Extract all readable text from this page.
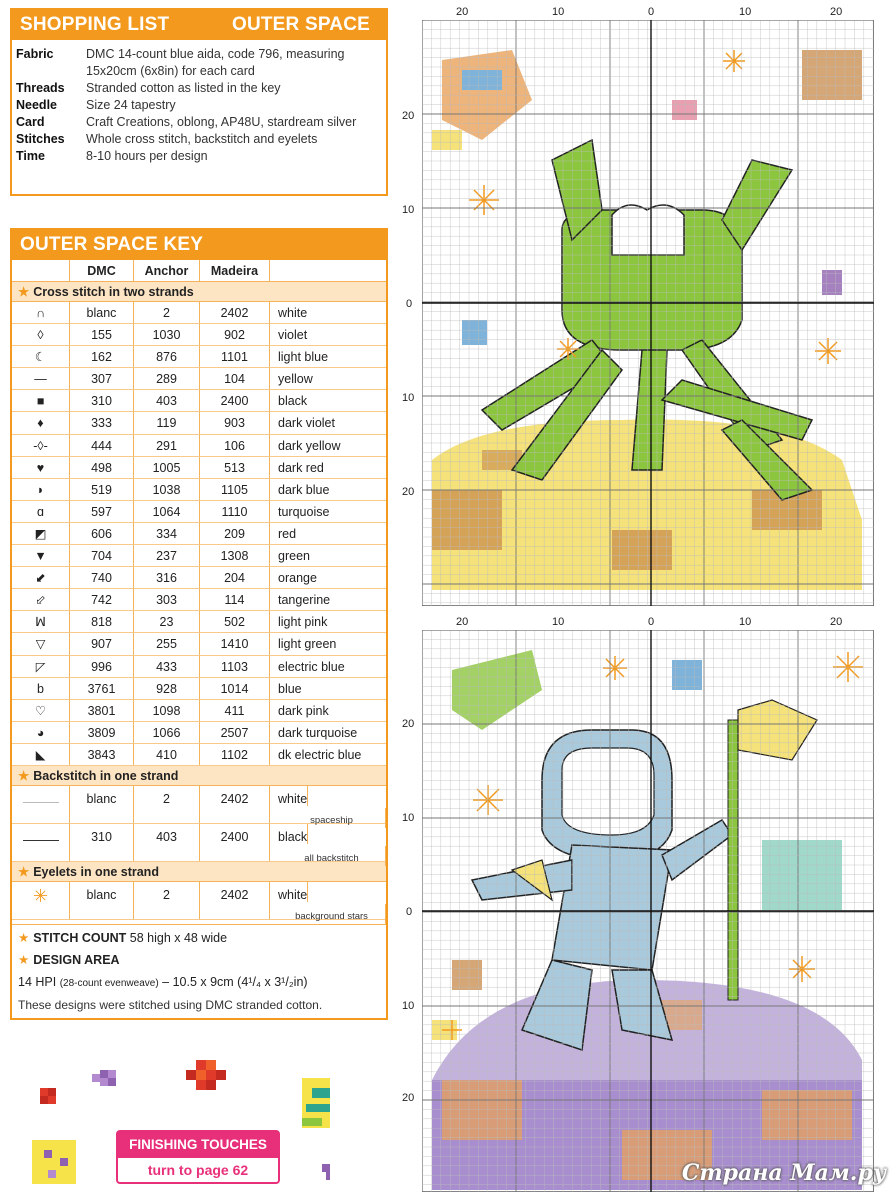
SHOPPING LIST	OUTER SPACE
Fabric	DMC 14-count blue aida, code 796, measuring 15x20cm (6x8in) for each card
Threads	Stranded cotton as listed in the key
Needle	Size 24 tapestry
Card	Craft Creations, oblong, AP48U, stardream silver
Stitches	Whole cross stitch, backstitch and eyelets
Time	8-10 hours per design
OUTER SPACE KEY
DMC	Anchor	Madeira
★ Cross stitch in two strands
∩	blanc	2	2402	white
◊	155	1030	902	violet
☾	162	876	1101	light blue
—	307	289	104	yellow
■	310	403	2400	black
♦	333	119	903	dark violet
-◊-	444	291	106	dark yellow
♥	498	1005	513	dark red
◗	519	1038	1105	dark blue
ɑ	597	1064	1110	turquoise
◩	606	334	209	red
▼	704	237	1308	green
⬋	740	316	204	orange
⬃	742	303	114	tangerine
ꟽ	818	23	502	light pink
▽	907	255	1410	light green
◸	996	433	1103	electric blue
b	3761	928	1014	blue
♡	3801	1098	411	dark pink
◕	3809	1066	2507	dark turquoise
◣	3843	410	1102	dk electric blue
★ Backstitch in one strand
blanc	2	2402	white
spaceship
310	403	2400	black
all backstitch
★ Eyelets in one strand
✳	blanc	2	2402	white
background stars
★ STITCH COUNT 58 high x 48 wide
★ DESIGN AREA
14 HPI (28-count evenweave) – 10.5 x 9cm (4¹/₄ x 3¹/₂in)
These designs were stitched using DMC stranded cotton.
FINISHING TOUCHES
turn to page 62
20	10	0	10	20
20
10
0
10
20
20	10	0	10	20
20
10
0
10
20
Страна Мам.ру
